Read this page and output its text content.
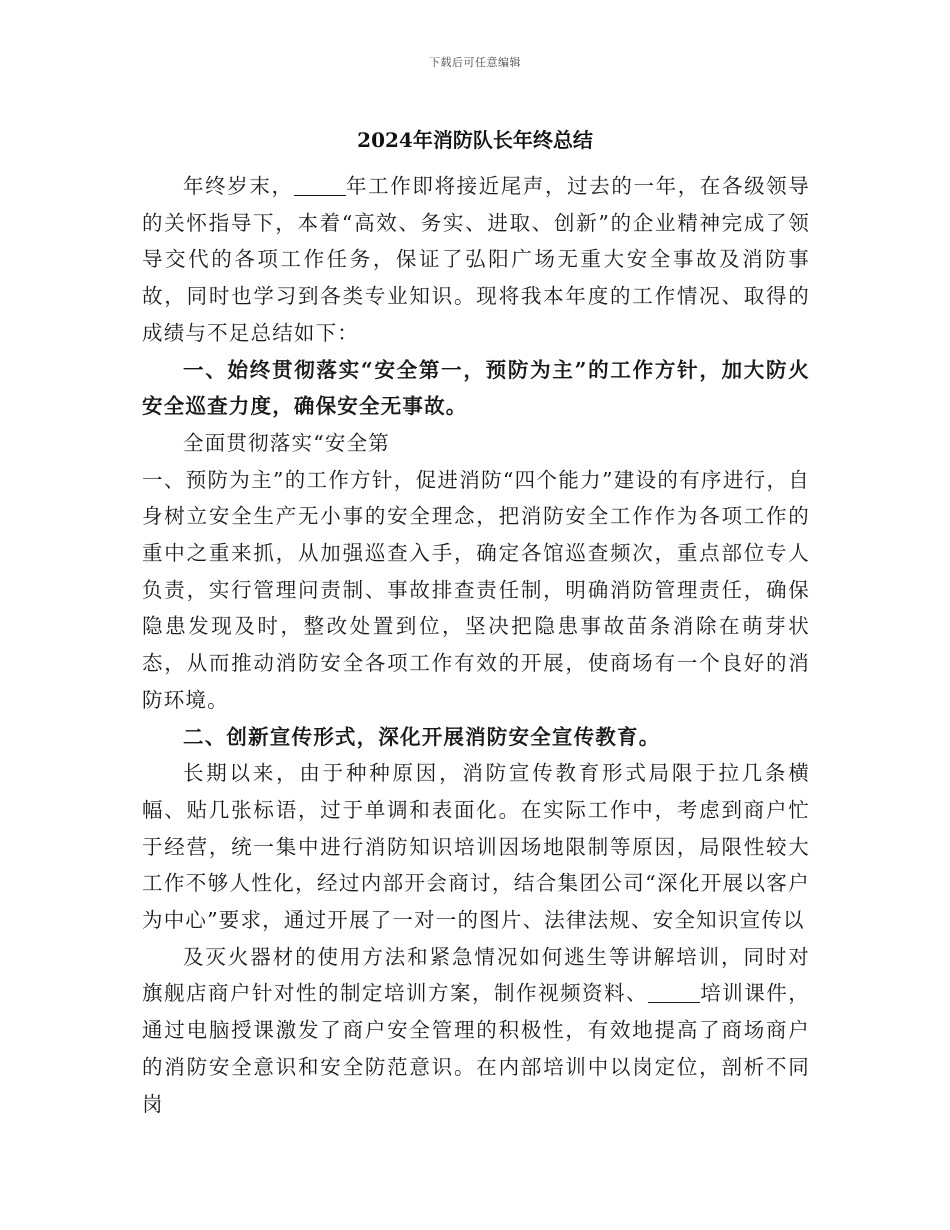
下载后可任意编辑
2024年消防队长年终总结

年终岁末，	年工作即将接近尾声，过去的一年，在各级领导的关怀指导下，本着“高效、务实、进取、创新”的企业精神完成了领导交代的各项工作任务，保证了弘阳广场无重大安全事故及消防事故，同时也学习到各类专业知识。现将我本年度的工作情况、取得的成绩与不足总结如下：

一、始终贯彻落实“安全第一，预防为主”的工作方针，加大防火安全巡查力度，确保安全无事故。

全面贯彻落实“安全第

一、预防为主”的工作方针，促进消防“四个能力”建设的有序进行，自身树立安全生产无小事的安全理念，把消防安全工作作为各项工作的重中之重来抓，从加强巡查入手，确定各馆巡查频次，重点部位专人负责，实行管理问责制、事故排查责任制，明确消防管理责任，确保隐患发现及时，整改处置到位，坚决把隐患事故苗条消除在萌芽状态，从而推动消防安全各项工作有效的开展，使商场有一个良好的消防环境。

二、创新宣传形式，深化开展消防安全宣传教育。

长期以来，由于种种原因，消防宣传教育形式局限于拉几条横幅、贴几张标语，过于单调和表面化。在实际工作中，考虑到商户忙于经营，统一集中进行消防知识培训因场地限制等原因，局限性较大工作不够人性化，经过内部开会商讨，结合集团公司“深化开展以客户为中心”要求，通过开展了一对一的图片、法律法规、安全知识宣传以

及灭火器材的使用方法和紧急情况如何逃生等讲解培训，同时对旗舰店商户针对性的制定培训方案，制作视频资料、	培训课件，通过电脑授课激发了商户安全管理的积极性，有效地提高了商场商户的消防安全意识和安全防范意识。在内部培训中以岗定位，剖析不同岗
